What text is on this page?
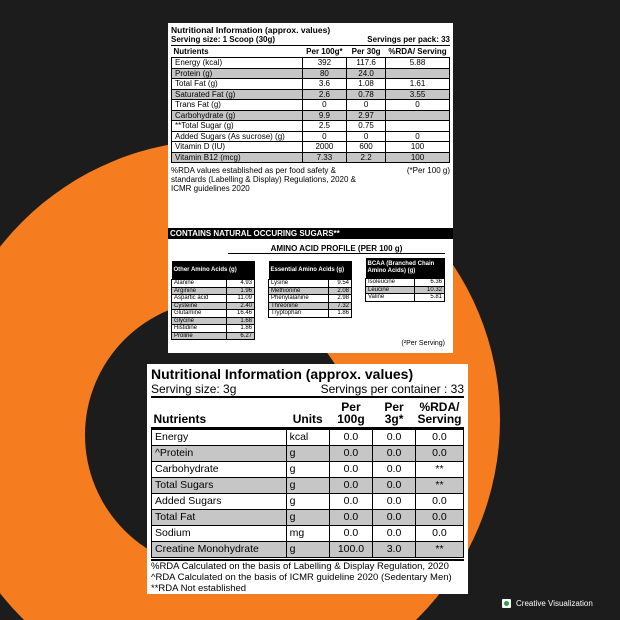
Nutritional Information (approx. values)
Serving size: 1 Scoop (30g)	Servings per pack: 33
Nutrients	Per 100g*	Per 30g	%RDA/ Serving
Energy (kcal)	392	117.6	5.88
Protein (g)	80	24.0	
Total Fat (g)	3.6	1.08	1.61
Saturated Fat (g)	2.6	0.78	3.55
Trans Fat (g)	0	0	0
Carbohydrate (g)	9.9	2.97	
**Total Sugar (g)	2.5	0.75	
Added Sugars (As sucrose) (g)	0	0	0
Vitamin D (IU)	2000	600	100
Vitamin B12 (mcg)	7.33	2.2	100
%RDA values established as per food safety & standards (Labelling & Display) Regulations, 2020 & ICMR guidelines 2020
(*Per 100 g)
CONTAINS NATURAL OCCURING SUGARS**
AMINO ACID PROFILE (PER 100 g)
Other Amino Acids (g)	
Alanine	4.93
Arginine	1.96
Aspartic acid	11.09
Cysteine	2.40
Glutamine	16.46
Glycine	1.68
Histidine	1.86
Proline	6.27
Essential Amino Acids (g)	
Lysine	9.54
Methionine	2.08
Phenylalanine	2.98
Threonine	7.32
Tryptophan	1.86
BCAA (Branched Chain Amino Acids) (g)	
Isoleucine	6.36
Leucine	10.32
Valine	5.81
(²Per Serving)
Nutritional Information (approx. values)
Serving size: 3g	Servings per container : 33
Nutrients	Units	Per 100g	Per 3g*	%RDA/ Serving
Energy	kcal	0.0	0.0	0.0
^Protein	g	0.0	0.0	0.0
Carbohydrate	g	0.0	0.0	**
Total Sugars	g	0.0	0.0	**
Added Sugars	g	0.0	0.0	0.0
Total Fat	g	0.0	0.0	0.0
Sodium	mg	0.0	0.0	0.0
Creatine Monohydrate	g	100.0	3.0	**
%RDA Calculated on the basis of Labelling & Display Regulation, 2020
^RDA Calculated on the basis of ICMR guideline 2020 (Sedentary Men)
**RDA Not established
Creative Visualization
